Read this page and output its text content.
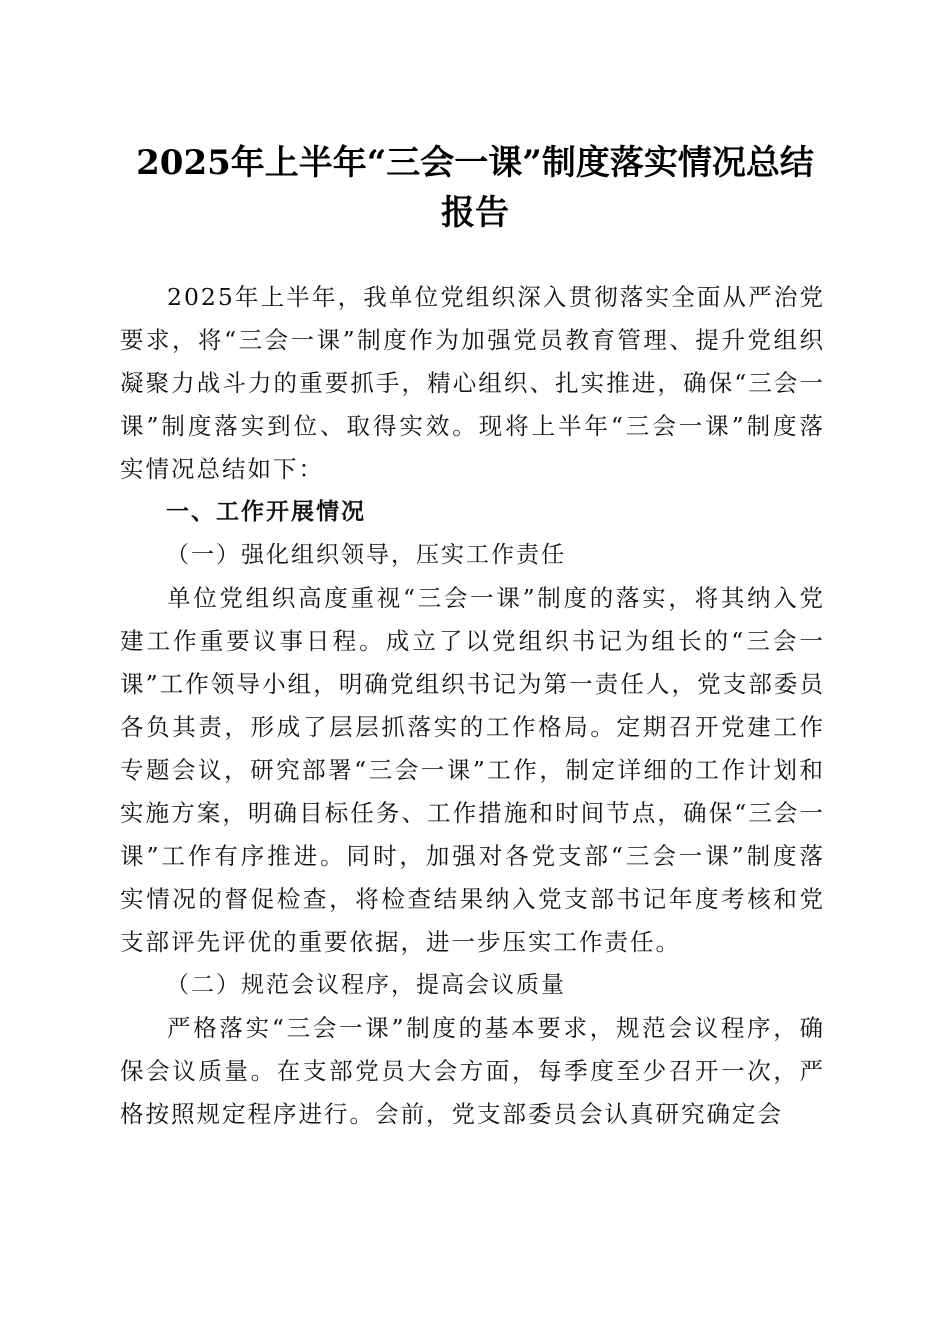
2025年上半年“三会一课”制度落实情况总结报告

2025年上半年，我单位党组织深入贯彻落实全面从严治党要求，将“三会一课”制度作为加强党员教育管理、提升党组织凝聚力战斗力的重要抓手，精心组织、扎实推进，确保“三会一课”制度落实到位、取得实效。现将上半年“三会一课”制度落实情况总结如下：

一、工作开展情况

（一）强化组织领导，压实工作责任

单位党组织高度重视“三会一课”制度的落实，将其纳入党建工作重要议事日程。成立了以党组织书记为组长的“三会一课”工作领导小组，明确党组织书记为第一责任人，党支部委员各负其责，形成了层层抓落实的工作格局。定期召开党建工作专题会议，研究部署“三会一课”工作，制定详细的工作计划和实施方案，明确目标任务、工作措施和时间节点，确保“三会一课”工作有序推进。同时，加强对各党支部“三会一课”制度落实情况的督促检查，将检查结果纳入党支部书记年度考核和党支部评先评优的重要依据，进一步压实工作责任。

（二）规范会议程序，提高会议质量

严格落实“三会一课”制度的基本要求，规范会议程序，确保会议质量。在支部党员大会方面，每季度至少召开一次，严格按照规定程序进行。会前，党支部委员会认真研究确定会
